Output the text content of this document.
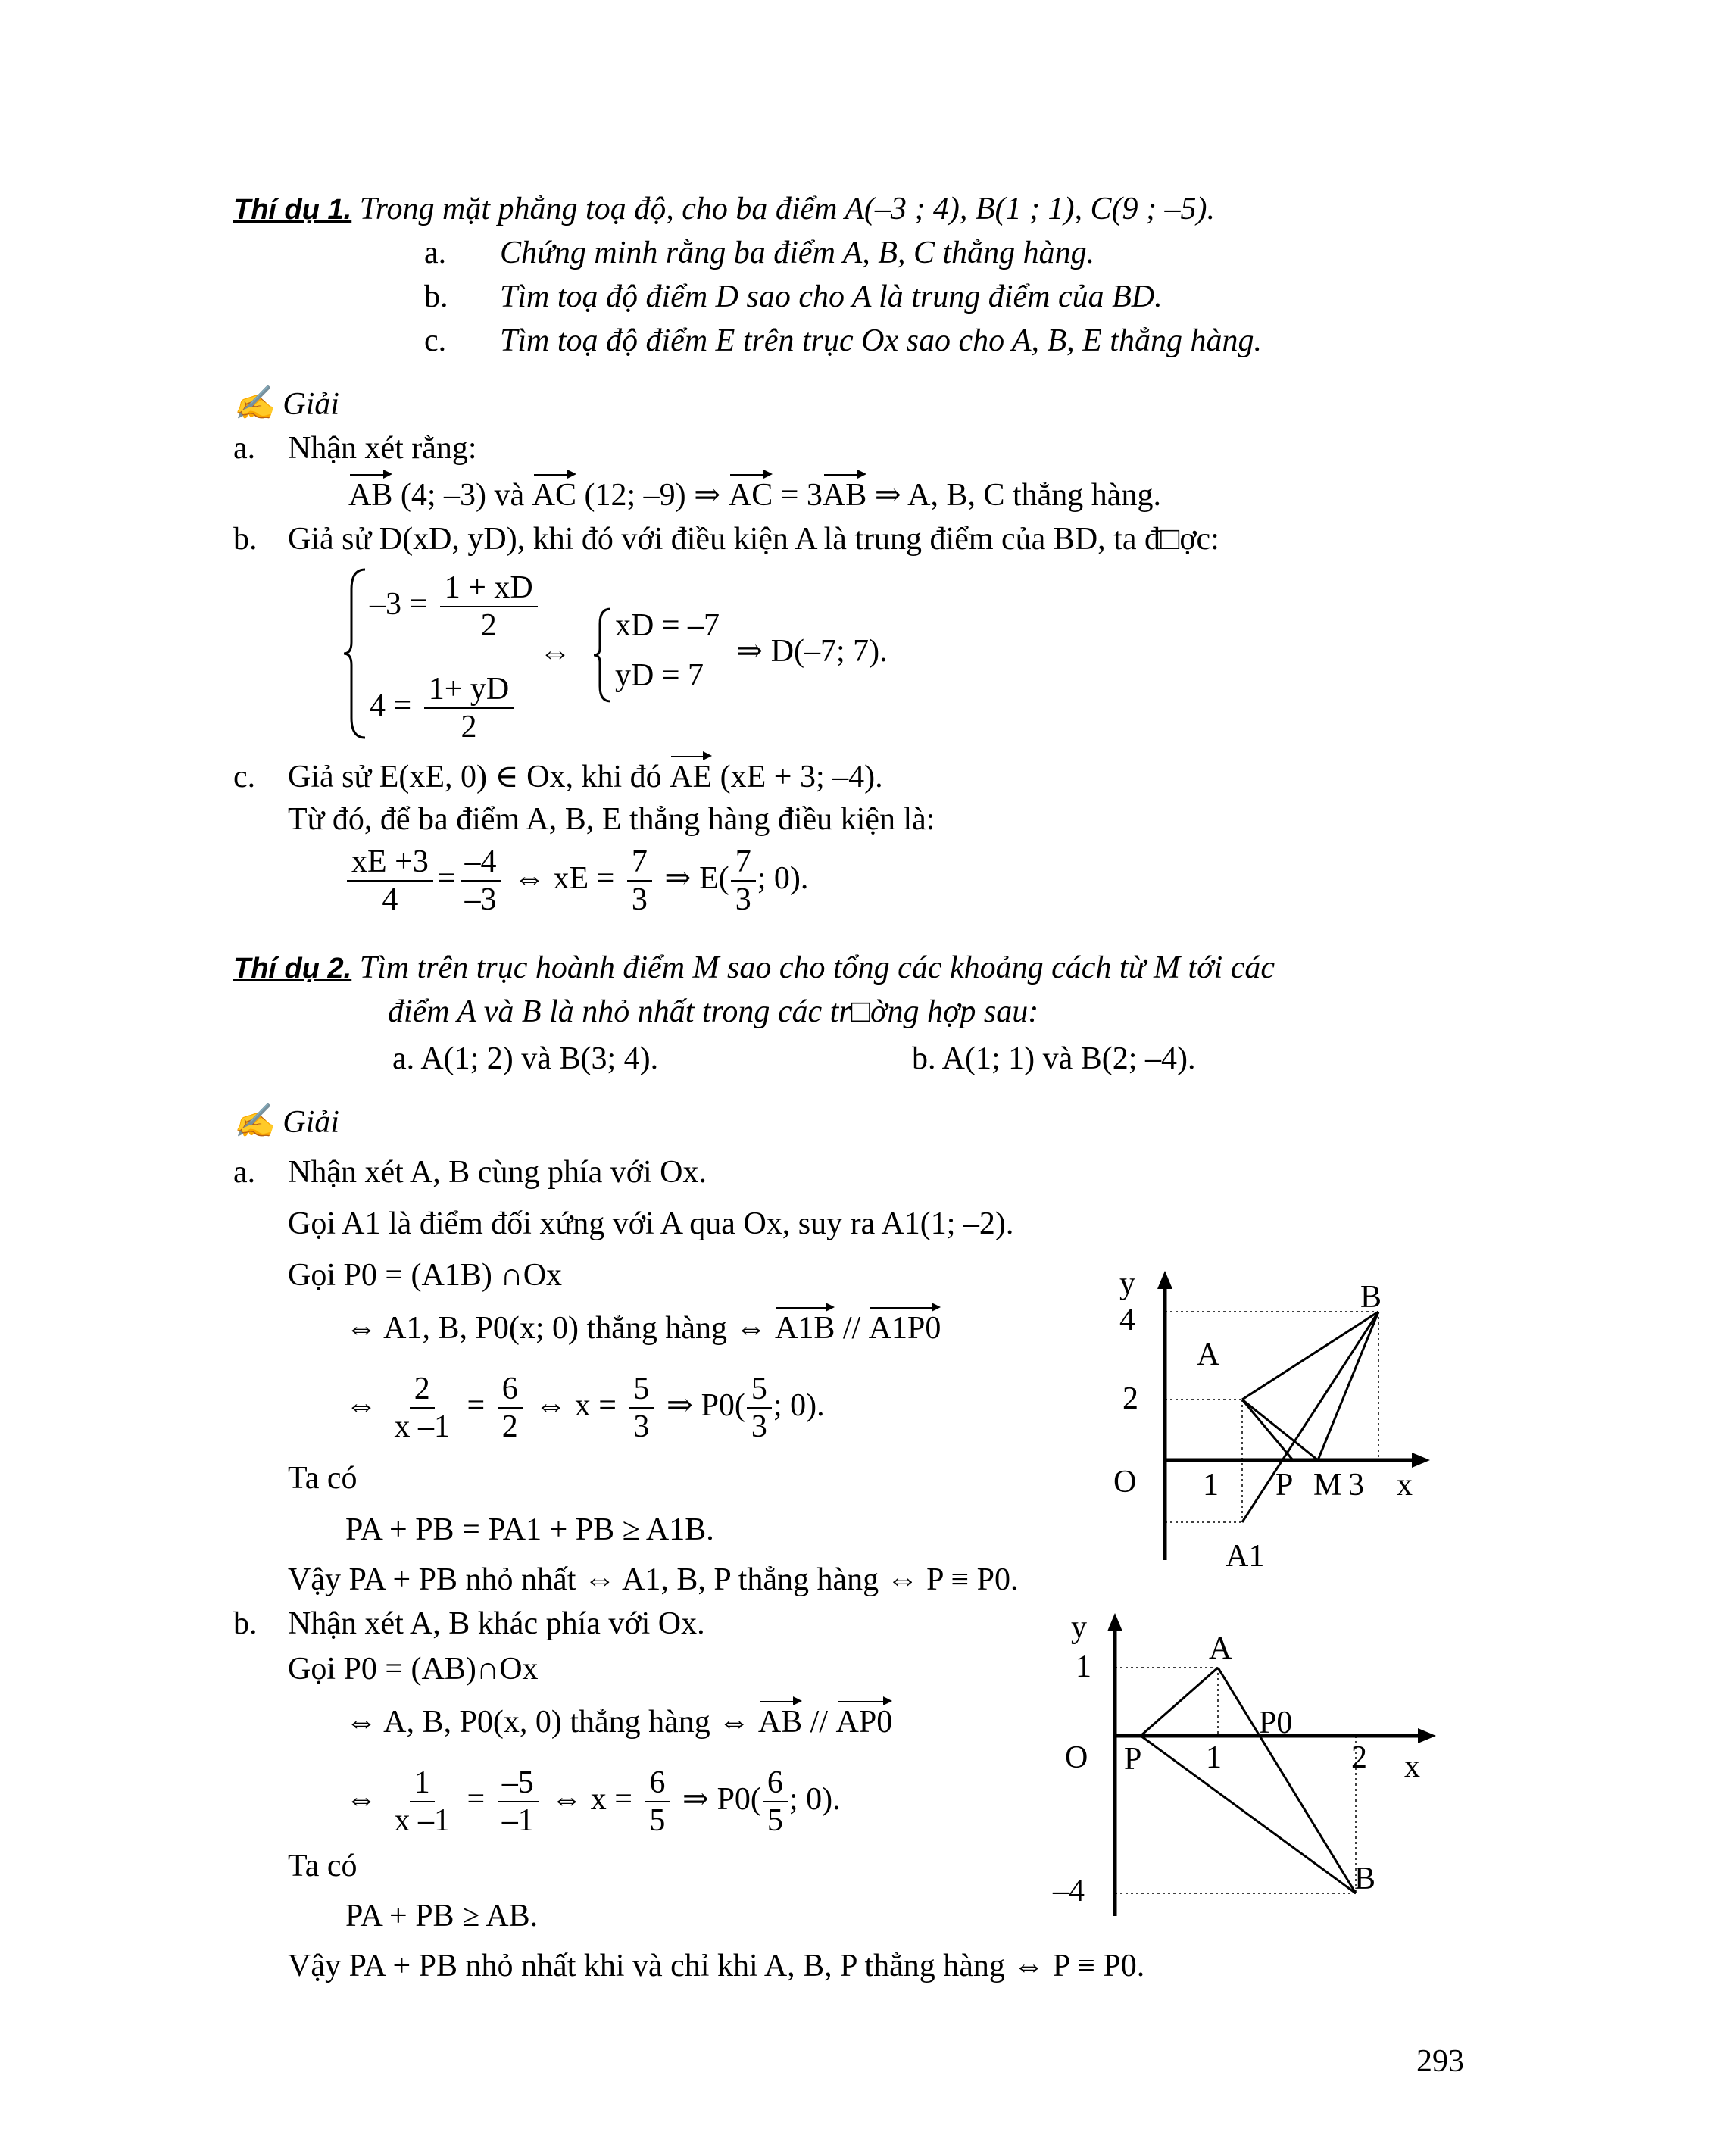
Thí dụ 1. Trong mặt phẳng toạ độ, cho ba điểm A(–3 ; 4), B(1 ; 1), C(9 ; –5).
a. Chứng minh rằng ba điểm A, B, C thẳng hàng.
b. Tìm toạ độ điểm D sao cho A là trung điểm của BD.
c. Tìm toạ độ điểm E trên trục Ox sao cho A, B, E thẳng hàng.
✍ Giải
a. Nhận xét rằng:
AB (4; –3) và AC (12; –9) ⇒ AC = 3AB ⇒ A, B, C thẳng hàng.
b. Giả sử D(xD, yD), khi đó với điều kiện A là trung điểm của BD, ta đ□ợc:
$-3 = \frac{1 + xD}{2}$
$4 = \frac{1+ yD}{2}$
⇔
xD = –7
yD = 7
⇒ D(–7; 7).
c. Giả sử E(xE, 0) ∈ Ox, khi đó AE (xE + 3; –4).
Từ đó, để ba điểm A, B, E thẳng hàng điều kiện là:
$\frac{xE +3}{4} = \frac{-4}{-3}$ ⇔ xE = $\frac{7}{3}$ ⇒ $E( \frac{7}{3}$ ; 0).
Thí dụ 2. Tìm trên trục hoành điểm M sao cho tổng các khoảng cách từ M tới các
điểm A và B là nhỏ nhất trong các tr□ờng hợp sau:
a. A(1; 2) và B(3; 4).	b. A(1; 1) và B(2; –4).
✍ Giải
a. Nhận xét A, B cùng phía với Ox.
Gọi A1 là điểm đối xứng với A qua Ox, suy ra A1(1; –2).
Gọi P0 = (A1B) ∩Ox
⇔ A1, B, P0(x; 0) thẳng hàng ⇔ A1B // A1P0
⇔ $\frac{2}{x -1} = \frac{6}{2}$ ⇔ $x = \frac{5}{3}$ ⇒ $P0( \frac{5}{3}$ ; 0).
Ta có
PA + PB = PA1 + PB ≥ A1B.
Vậy PA + PB nhỏ nhất ⇔ A1, B, P thẳng hàng ⇔ P ≡ P0.
b. Nhận xét A, B khác phía với Ox.
Gọi P0 = (AB)∩Ox
⇔ A, B, P0(x, 0) thẳng hàng ⇔ AB // AP0
⇔ $\frac{1}{x -1} = \frac{-5}{-1}$ ⇔ $x = \frac{6}{5}$ ⇒ $P0( \frac{6}{5}$ ; 0).
Ta có
PA + PB ≥ AB.
Vậy PA + PB nhỏ nhất khi và chỉ khi A, B, P thẳng hàng ⇔ P ≡ P0.
y
4
2
O 1	3 x
A
B
P M
A1
y
1
O P 1	2 x
A
P0
B
–4
293
